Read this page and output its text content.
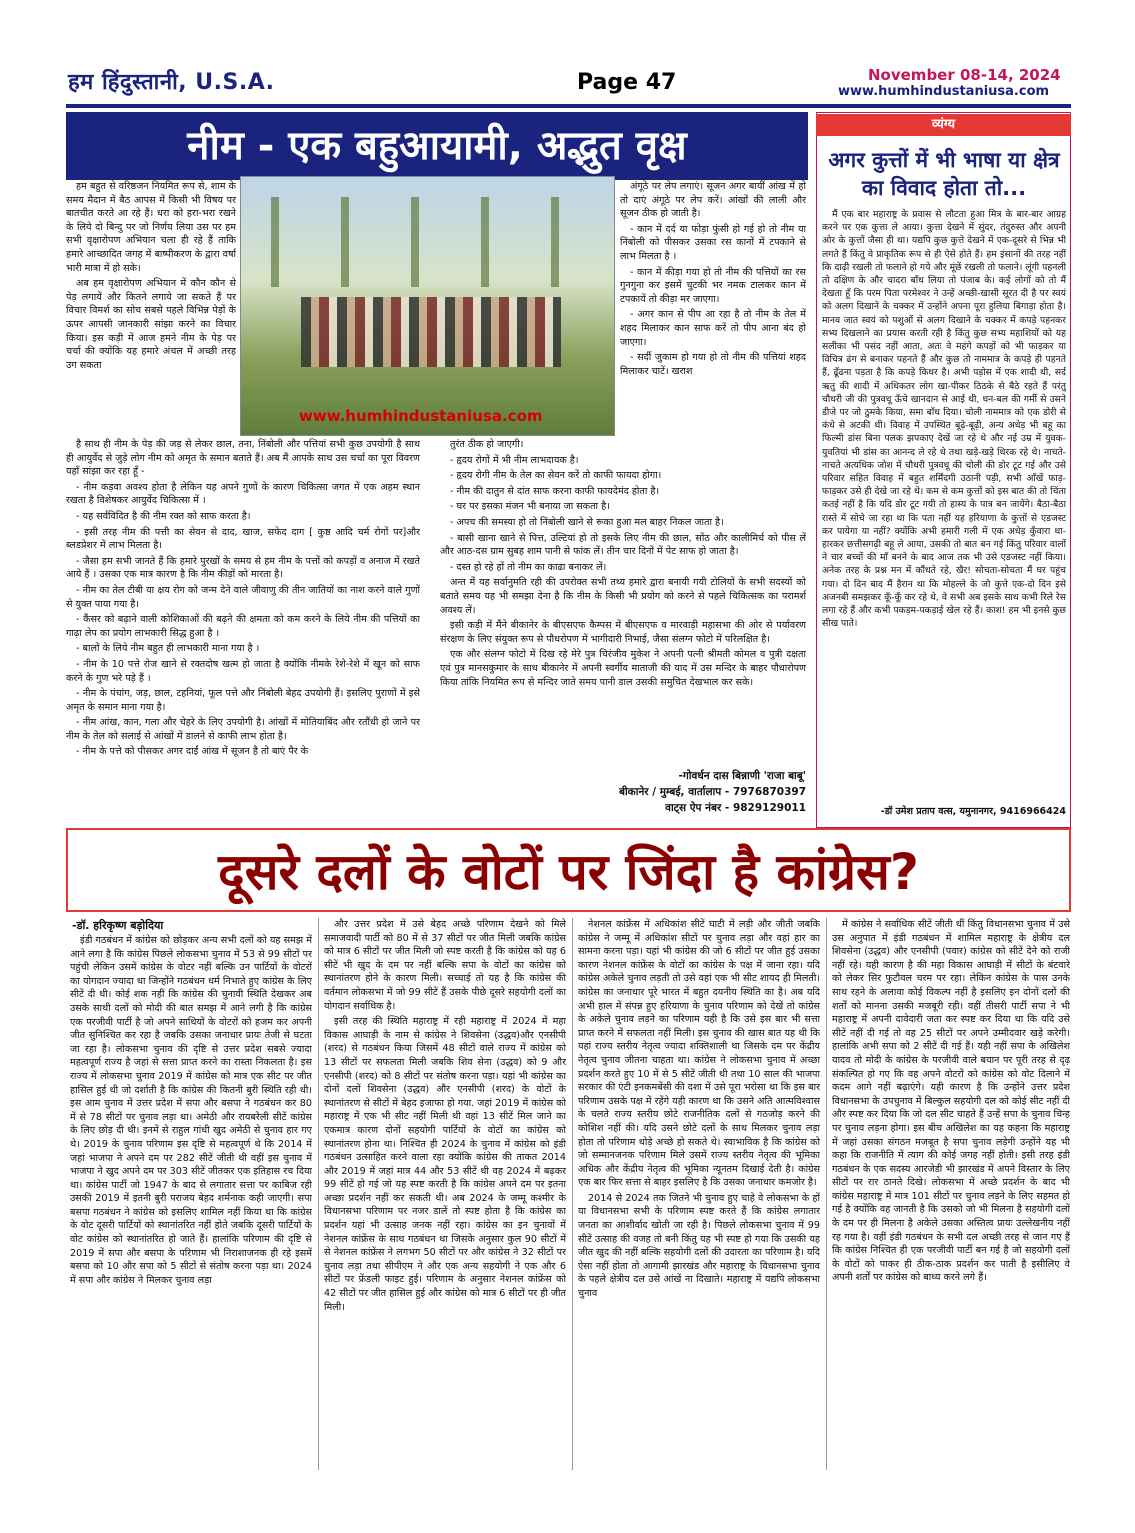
हम हिंदुस्तानी, U.S.A.	Page 47	November 08-14, 2024
www.humhindustaniusa.com
नीम - एक बहुआयामी, अद्भुत वृक्ष
www.humhindustaniusa.com

हम बहुत से वरिष्ठजन नियमित रूप से, शाम के समय मैदान में बैठ आपस में किसी भी विषय पर बातचीत करते आ रहे हैं। धरा को हरा-भरा रखने के लिये दो बिन्दु पर जो निर्णय लिया उस पर हम सभी वृक्षारोपण अभियान चला ही रहे हैं ताकि हमारे आच्छादित जगह में बाष्पीकरण के द्वारा वर्षा भारी मात्रा में हो सके।

अब हम वृक्षारोपण अभियान में कौन कौन से पेड़ लगायें और कितने लगाये जा सकते हैं पर विचार विमर्श का सोच सबसे पहले विभिन्न पेड़ों के ऊपर आपसी जानकारी सांझा करने का विचार किया। इस कड़ी में आज हमने नीम के पेड़ पर चर्चा की क्योंकि यह हमारे अंचल में अच्छी तरह उग सकता

है साथ ही नीम के पेड़ की जड़ से लेकर छाल, तना, निंबोली और पत्तियां सभी कुछ उपयोगी है साथ ही आयुर्वेद से जुड़े लोग नीम को अमृत के समान बताते हैं। अब मैं आपके साथ उस चर्चा का पूरा विवरण यहाँ सांझा कर रहा हूँ -

- नीम कड़वा अवश्य होता है लेकिन यह अपने गुणों के कारण चिकित्सा जगत में एक अहम स्थान रखता है विशेषकर आयुर्वेद चिकित्सा में ।

- यह सर्वविदित है की नीम रक्त को साफ करता है।

- इसी तरह नीम की पत्ती का सेवन से दाद, खाज, सफेद दाग [ कुष्ठ आदि चर्म रोगों पर]और ब्लडप्रेशर में लाभ मिलता है।

- जैसा हम सभी जानते हैं कि हमारे पुरखों के समय से हम नीम के पत्तों को कपड़ों व अनाज में रखते आये हैं । उसका एक मात्र कारण है कि नीम कीड़ों को मारता है।

- नीम का तेल टीबी या क्षय रोग को जन्म देने वाले जीवाणु की तीन जातियों का नाश करने वाले गुणों से युक्त पाया गया है।

- कैंसर को बढ़ाने वाली कोशिकाओं की बढ़ने की क्षमता को कम करने के लिये नीम की पत्तियों का गाढ़ा लेप का प्रयोग लाभकारी सिद्ध हुआ है ।

- बालों के लिये नीम बहुत ही लाभकारी माना गया है ।

- नीम के 10 पत्ते रोज खाने से रक्तदोष खत्म हो जाता है क्योंकि नीमके रेशे-रेशे में खून को साफ करने के गुण भरे पड़े हैं ।

- नीम के पंचांग, जड़, छाल, टहनियां, फूल पत्ते और निंबोली बेहद उपयोगी हैं। इसलिए पुराणों में इसे अमृत के समान माना गया है।

- नीम आंख, कान, गला और चेहरे के लिए उपयोगी है। आंखों में मोतियाबिंद और रतौंधी हो जाने पर नीम के तेल को सलाई से आंखों में डालने से काफी लाभ होता है।

- नीम के पत्ते को पीसकर अगर दाईं आंख में सूजन है तो बाएं पैर के

अंगूठे पर लेप लगाएं। सूजन अगर बायीं आंख में हो तो दाएं अंगूठे पर लेप करें। आंखों की लाली और सूजन ठीक हो जाती है।

- कान में दर्द या फोड़ा फुंसी हो गई हो तो नीम या निंबोली को पीसकर उसका रस कानों में टपकाने से लाभ मिलता है ।

- कान में कीड़ा गया हो तो नीम की पत्तियों का रस गुनगुना कर इसमें चुटकी भर नमक टालकर कान में टपकायें तो कीड़ा मर जाएगा।

- अगर कान से पीप आ रहा है तो नीम के तेल में शहद मिलाकर कान साफ करें तो पीप आना बंद हो जाएगा।

- सर्दी जुकाम हो गया हो तो नीम की पत्तियां शहद मिलाकर चाटें। खराश

तुरंत ठीक हो जाएगी।

- हृदय रोगों में भी नीम लाभदायक है।

- हृदय रोगी नीम के तेल का सेवन करें तो काफी फायदा होगा।

- नीम की दातुन से दांत साफ करना काफी फायदेमंद होता है।

- घर पर इसका मंजन भी बनाया जा सकता है।

- अपच की समस्या हो तो निंबोली खाने से रूका हुआ मल बाहर निकल जाता है।

- बासी खाना खाने से पित्त, उल्टियां हो तो इसके लिए नीम की छाल, सोंठ और कालीमिर्च को पीस लें और आठ-दस ग्राम सुबह शाम पानी से फांक लें। तीन चार दिनों में पेट साफ हो जाता है।

- दस्त हो रहे हों तो नीम का काढा बनाकर लें।

अन्त में यह सर्वानुमति रही की उपरोक्त सभी तथ्य हमारे द्वारा बनायी गयी टोलियों के सभी सदस्यों को बताते समय यह भी समझा देना है कि नीम के किसी भी प्रयोग को करने से पहले चिकित्सक का परामर्श अवश्य लें।

इसी कड़ी में मैंने बीकानेर के बीएसएफ कैम्पस में बीएसएफ व मारवाड़ी महासभा की ओर से पर्यावरण संरक्षण के लिए संयुक्त रूप से पौधरोपण में भागीदारी निभाई, जैसा संलग्न फोटो में परिलक्षित है।

एक और संलग्न फोटो में दिख रहे मेरे पुत्र चिरंजीव मुकेश ने अपनी पत्नी श्रीमती कोमल व पुत्री दक्षता एवं पुत्र मानसकुमार के साथ बीकानेर में अपनी स्वर्गीय माताजी की याद में उस मन्दिर के बाहर पौधारोपण किया तांकि नियमित रूप से मन्दिर जाते समय पानी डाल उसकी समुचित देखभाल कर सके।

-गोवर्धन दास बिन्नाणी 'राजा बाबू'
बीकानेर / मुम्बई, वार्तालाप - 7976870397
वाट्स ऐप नंबर - 9829129011
व्यंग्य
अगर कुत्तों में भी भाषा या क्षेत्र का विवाद होता तो...

मैं एक बार महाराष्ट्र के प्रवास से लौटता हुआ मित्र के बार-बार आग्रह करने पर एक कुत्ता ले आया। कुत्ता देखने में सुंदर, तंदुरुस्त और अपनी ओर के कुत्तों जैसा ही था। यद्यपि कुछ कुत्ते देखने में एक-दूसरे से भिन्न भी लगते हैं किंतु वे प्राकृतिक रूप से ही ऐसे होते हैं। हम इंसानों की तरह नहीं कि दाढ़ी रखली तो फलाने हो गये और मूंछें रखली तो फलाने। लूंगी पहनली तो दक्षिण के और चादरा बाँध लिया तो पंजाब के। कई लोगों को तो मैं देखता हूँ कि परम पिता परमेश्वर ने उन्हें अच्छी-खासी सूरत दी है पर स्वयं को अलग दिखाने के चक्कर में उन्होंने अपना पूरा हुलिया बिगाड़ा होता है। मानव जात स्वयं को पशुओं से अलग दिखाने के चक्कर में कपड़े पहनकर सभ्य दिखलाने का प्रयास करती रही है किंतु कुछ सभ्य महाशियों को यह सलीका भी पसंद नहीं आता, अतः वे महंगे कपड़ों को भी फाड़कर या विचित्र ढंग से बनाकर पहनते हैं और कुछ तो नाममात्र के कपड़े ही पहनते हैं, ढूँढना पड़ता है कि कपड़े किधर है। अभी पड़ोस में एक शादी थी, सर्द ऋतु की शादी में अधिकतर लोग खा-पीकर ठिठके से बैठे रहते हैं परंतु चौधरी जी की पुत्रवधू ऊँचे खानदान से आई थी, धन-बल की गर्मी से उसने डीजे पर जो ठुमके किया, समा बाँध दिया। चोली नाममात्र को एक डोरी से कंधे से अटकी थी। विवाह में उपस्थित बूढ़े-बूढ़ी, अन्य अधेड़ भी बहू का फिल्मी डांस बिना पलक झपकाए देखें जा रहे थे और नई उम्र में युवक-युवतियां भी डांस का आनन्द ले रहे थे तथा खड़े-खड़े थिरक रहे थे। नाचते-नाचते अत्यधिक जोश में चौधरी पुत्रवधू की चोली की डोर टूट गई और उसे परिवार सहित विवाह में बहुत शर्मिंदगी उठानी पड़ी, सभी आँखें फाड़-फाड़कर उसे ही देखे जा रहे थे। कम से कम कुत्तों को इस बात की तो चिंता कतई नहीं है कि यदि डोर टूट गयी तो हास्य के पात्र बन जायेंगे। बैठा-बैठा रास्ते में सोचे जा रहा था कि पता नहीं यह हरियाणा के कुत्तों से एडजस्ट कर पायेगा या नहीं? क्योंकि अभी हमारी गली में एक अधेड़ कुँवारा था-हारकर छत्तीसगढ़ी बहू ले आया, उसकी तो बात बन गई किंतु परिवार वालों ने चार बच्चों की माँ बनने के बाद आज तक भी उसे एडजस्ट नहीं किया। अनेक तरह के प्रश्न मन में कौंधते रहे, खैर! सोचता-सोचता मैं घर पहुंच गया। दो दिन बाद मैं हैरान था कि मोहल्ले के जो कुत्ते एक-दो दिन इसे अजनबी समझकर कूँ-कूँ कर रहे थे, वे सभी अब इसके साथ कभी रिले रेस लगा रहे हैं और कभी पकड़म-पकड़ाई खेल रहे हैं। काश! हम भी इनसे कुछ सीख पाते।

-डॉ उमेश प्रताप वत्स, यमुनानगर, 9416966424
दूसरे दलों के वोटों पर जिंदा है कांग्रेस?
-डॉ. हरिकृष्ण बड़ोदिया

इंडी गठबंधन में कांग्रेस को छोड़कर अन्य सभी दलों को यह समझ में आने लगा है कि कांग्रेस पिछले लोकसभा चुनाव में 53 से 99 सीटों पर पहुंची लेकिन उसमें कांग्रेस के वोटर नहीं बल्कि उन पार्टियों के वोटरों का योगदान ज्यादा था जिन्होंने गठबंधन धर्म निभाते हुए कांग्रेस के लिए सीटें दी थी। कोई शक नहीं कि कांग्रेस की चुनावी स्थिति देखकर अब उसके साथी दलों को मोदी की बात समझ में आने लगी है कि कांग्रेस एक परजीवी पार्टी है जो अपने साथियों के वोटरों को हजम कर अपनी जीत सुनिश्चित कर रहा है जबकि उसका जनाधार प्रायः तेजी से घटता जा रहा है। लोकसभा चुनाव की दृष्टि से उत्तर प्रदेश सबसे ज्यादा महत्वपूर्ण राज्य है जहां से सत्ता प्राप्त करने का रास्ता निकलता है। इस राज्य में लोकसभा चुनाव 2019 में कांग्रेस को मात्र एक सीट पर जीत हासिल हुई थी जो दर्शाती है कि कांग्रेस की कितनी बुरी स्थिति रही थी। इस आम चुनाव में उत्तर प्रदेश में सपा और बसपा ने गठबंधन कर 80 में से 78 सीटों पर चुनाव लड़ा था। अमेठी और रायबरेली सीटें कांग्रेस के लिए छोड़ दी थी। इनमें से राहुल गांधी खुद अमेठी से चुनाव हार गए थे। 2019 के चुनाव परिणाम इस दृष्टि से महत्वपूर्ण थे कि 2014 में जहां भाजपा ने अपने दम पर 282 सीटें जीती थी वहीं इस चुनाव में भाजपा ने खुद अपने दम पर 303 सीटें जीतकर एक इतिहास रच दिया था। कांग्रेस पार्टी जो 1947 के बाद से लगातार सत्ता पर काबिज रही उसकी 2019 में इतनी बुरी पराजय बेहद शर्मनाक कही जाएगी। सपा बसपा गठबंधन ने कांग्रेस को इसलिए शामिल नहीं किया था कि कांग्रेस के वोट दूसरी पार्टियों को स्थानांतरित नहीं होते जबकि दूसरी पार्टियों के वोट कांग्रेस को स्थानांतरित हो जाते हैं। हालांकि परिणाम की दृष्टि से 2019 में सपा और बसपा के परिणाम भी निराशाजनक ही रहे इसमें बसपा को 10 और सपा को 5 सीटों से संतोष करना पड़ा था। 2024 में सपा और कांग्रेस ने मिलकर चुनाव लड़ा

और उत्तर प्रदेश में उसे बेहद अच्छे परिणाम देखने को मिले समाजवादी पार्टी को 80 में से 37 सीटों पर जीत मिली जबकि कांग्रेस को मात्र 6 सीटों पर जीत मिली जो स्पष्ट करती है कि कांग्रेस को यह 6 सीटें भी खुद के दम पर नहीं बल्कि सपा के वोटों का कांग्रेस को स्थानांतरण होने के कारण मिली। सच्चाई तो यह है कि कांग्रेस की वर्तमान लोकसभा में जो 99 सीटें हैं उसके पीछे दूसरे सहयोगी दलों का योगदान सर्वाधिक है।

इसी तरह की स्थिति महाराष्ट्र में रही महाराष्ट्र में 2024 में महा विकास आघाड़ी के नाम से कांग्रेस ने शिवसेना (उद्धव)और एनसीपी (शरद) से गठबंधन किया जिसमें 48 सीटों वाले राज्य में कांग्रेस को 13 सीटों पर सफलता मिली जबकि शिव सेना (उद्धव) को 9 और एनसीपी (शरद) को 8 सीटों पर संतोष करना पड़ा। यहां भी कांग्रेस का दोनों दलों शिवसेना (उद्धव) और एनसीपी (शरद) के वोटों के स्थानांतरण से सीटों में बेहद इजाफा हो गया. जहां 2019 में कांग्रेस को महाराष्ट्र में एक भी सीट नहीं मिली थी वहां 13 सीटें मिल जाने का एकमात्र कारण दोनों सहयोगी पार्टियों के वोटों का कांग्रेस को स्थानांतरण होना था। निश्चित ही 2024 के चुनाव में कांग्रेस को इंडी गठबंधन उत्साहित करने वाला रहा क्योंकि कांग्रेस की ताकत 2014 और 2019 में जहां मात्र 44 और 53 सीटें थी वह 2024 में बढ़कर 99 सीटें हो गई जो यह स्पष्ट करती है कि कांग्रेस अपने दम पर इतना अच्छा प्रदर्शन नहीं कर सकती थी। अब 2024 के जम्मू कश्मीर के विधानसभा परिणाम पर नजर डालें तो स्पष्ट होता है कि कांग्रेस का प्रदर्शन यहां भी उत्साह जनक नहीं रहा। कांग्रेस का इन चुनावों में नेशनल कांफ्रेंस के साथ गठबंधन था जिसके अनुसार कुल 90 सीटों में से नेशनल कांफ्रेंस ने लगभग 50 सीटों पर और कांग्रेस ने 32 सीटों पर चुनाव लड़ा तथा सीपीएम ने और एक अन्य सहयोगी ने एक और 6 सीटों पर फ्रेंडली फाइट हुई। परिणाम के अनुसार नेशनल कांफ्रेंस को 42 सीटों पर जीत हासिल हुई और कांग्रेस को मात्र 6 सीटों पर ही जीत मिली।

नेशनल कांफ्रेंस में अधिकांश सीटें घाटी में लड़ी और जीती जबकि कांग्रेस ने जम्मू में अधिकांश सीटों पर चुनाव लड़ा और वहां हार का सामना करना पड़ा। यहां भी कांग्रेस की जो 6 सीटों पर जीत हुई उसका कारण नेशनल कांफ्रेंस के वोटों का कांग्रेस के पक्ष में जाना रहा। यदि कांग्रेस अकेले चुनाव लड़ती तो उसे वहां एक भी सीट शायद ही मिलती। कांग्रेस का जनाधार पूरे भारत में बहुत दयनीय स्थिति का है। अब यदि अभी हाल में संपन्न हुए हरियाणा के चुनाव परिणाम को देखें तो कांग्रेस के अकेले चुनाव लड़ने का परिणाम यही है कि उसे इस बार भी सत्ता प्राप्त करने में सफलता नहीं मिली। इस चुनाव की खास बात यह थी कि यहां राज्य स्तरीय नेतृत्व ज्यादा शक्तिशाली था जिसके दम पर केंद्रीय नेतृत्व चुनाव जीतना चाहता था। कांग्रेस ने लोकसभा चुनाव में अच्छा प्रदर्शन करते हुए 10 में से 5 सीटें जीती थी तथा 10 साल की भाजपा सरकार की एंटी इनकमबेंसी की दशा में उसे पूरा भरोसा था कि इस बार परिणाम उसके पक्ष में रहेंगे यही कारण था कि उसने अति आत्मविश्वास के चलते राज्य स्तरीय छोटे राजनीतिक दलों से गठजोड़ करने की कोशिश नहीं की। यदि उसने छोटे दलों के साथ मिलकर चुनाव लड़ा होता तो परिणाम थोड़े अच्छे हो सकते थे। स्वाभाविक है कि कांग्रेस को जो सम्मानजनक परिणाम मिले उसमें राज्य स्तरीय नेतृत्व की भूमिका अधिक और केंद्रीय नेतृत्व की भूमिका न्यूनतम दिखाई देती है। कांग्रेस एक बार फिर सत्ता से बाहर इसलिए है कि उसका जनाधार कमजोर है।

2014 से 2024 तक जितने भी चुनाव हुए चाहे वे लोकसभा के हों या विधानसभा सभी के परिणाम स्पष्ट करते हैं कि कांग्रेस लगातार जनता का आशीर्वाद खोती जा रही है। पिछले लोकसभा चुनाव में 99 सीटें उत्साह की वजह तो बनी किंतु यह भी स्पष्ट हो गया कि उसकी यह जीत खुद की नहीं बल्कि सहयोगी दलों की उदारता का परिणाम है। यदि ऐसा नहीं होता तो आगामी झारखंड और महाराष्ट्र के विधानसभा चुनाव के पहले क्षेत्रीय दल उसे आंखें ना दिखाते। महाराष्ट्र में यद्यपि लोकसभा चुनाव

में कांग्रेस ने सर्वाधिक सीटें जीती थीं किंतु विधानसभा चुनाव में उसे उस अनुपात में इंडी गठबंधन में शामिल महाराष्ट्र के क्षेत्रीय दल शिवसेना (उद्धव) और एनसीपी (पवार) कांग्रेस को सीटें देने को राजी नहीं रहे। यही कारण है की महा विकास आघाड़ी में सीटों के बंटवारे को लेकर सिर फुटौवल चरम पर रहा। लेकिन कांग्रेस के पास उनके साथ रहने के अलावा कोई विकल्प नहीं है इसलिए इन दोनों दलों की शर्तों को मानना उसकी मजबूरी रही। वहीं तीसरी पार्टी सपा ने भी महाराष्ट्र में अपनी दावेदारी जता कर स्पष्ट कर दिया था कि यदि उसे सीटें नहीं दी गई तो वह 25 सीटों पर अपने उम्मीदवार खड़े करेगी। हालांकि अभी सपा को 2 सीटें दी गई हैं। यही नहीं सपा के अखिलेश यादव तो मोदी के कांग्रेस के परजीवी वाले बयान पर पूरी तरह से दृढ़ संकल्पित हो गए कि वह अपने वोटरों को कांग्रेस को वोट दिलाने में कदम आगे नहीं बढ़ाएंगे। यही कारण है कि उन्होंने उत्तर प्रदेश विधानसभा के उपचुनाव में बिल्कुल सहयोगी दल को कोई सीट नहीं दी और स्पष्ट कर दिया कि जो दल सीट चाहते हैं उन्हें सपा के चुनाव चिन्ह पर चुनाव लड़ना होगा। इस बीच अखिलेश का यह कहना कि महाराष्ट्र में जहां उसका संगठन मजबूत है सपा चुनाव लड़ेगी उन्होंने यह भी कहा कि राजनीति में त्याग की कोई जगह नहीं होती। इसी तरह इंडी गठबंधन के एक सदस्य आरजेडी भी झारखंड में अपने विस्तार के लिए सीटों पर रार ठानते दिखे। लोकसभा में अच्छे प्रदर्शन के बाद भी कांग्रेस महाराष्ट्र में मात्र 101 सीटों पर चुनाव लड़ने के लिए सहमत हो गई है क्योंकि वह जानती है कि उसको जो भी मिलना है सहयोगी दलों के दम पर ही मिलना है अकेले उसका अस्तित्व प्रायः उल्लेखनीय नहीं रह गया है। वहीं इंडी गठबंधन के सभी दल अच्छी तरह से जान गए हैं कि कांग्रेस निश्चित ही एक परजीवी पार्टी बन गई है जो सहयोगी दलों के वोटों को पाकर ही ठीक-ठाक प्रदर्शन कर पाती है इसीलिए वे अपनी शर्तों पर कांग्रेस को बाध्य करने लगे हैं।
